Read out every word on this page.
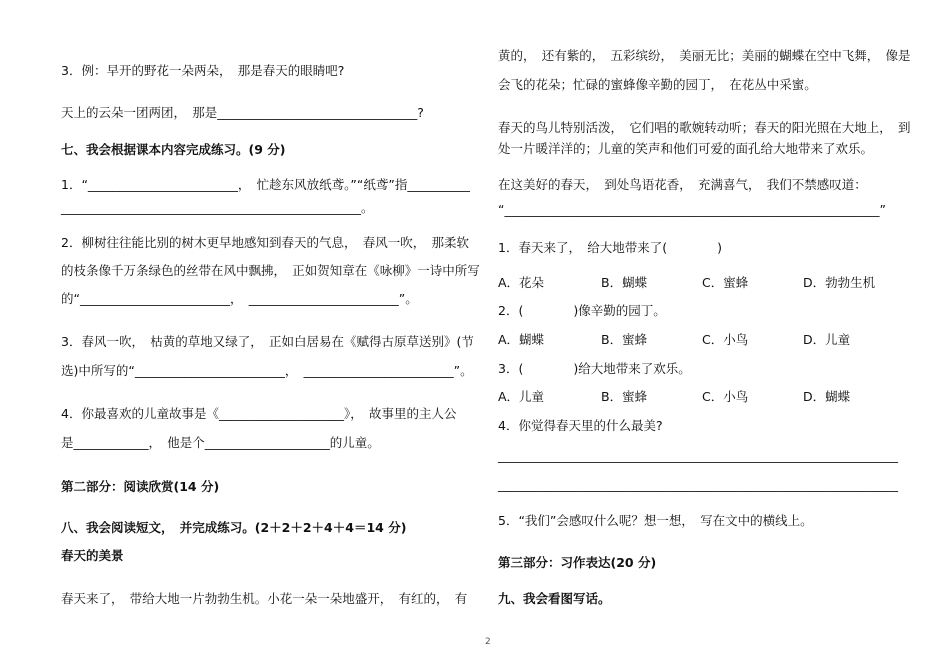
3．例：早开的野花一朵两朵，　那是春天的眼睛吧?
天上的云朵一团两团，　那是________________________________?
七、我会根据课本内容完成练习。(9 分)
1．“________________________，　忙趁东风放纸鸢。”“纸鸢”指__________
________________________________________________。
2．柳树往往能比别的树木更早地感知到春天的气息，　春风一吹，　那柔软
的枝条像千万条绿色的丝带在风中飘拂，　正如贺知章在《咏柳》一诗中所写
的“________________________，　________________________”。
3．春风一吹，　枯黄的草地又绿了，　正如白居易在《赋得古原草送别》(节
选)中所写的“________________________，　________________________”。
4．你最喜欢的儿童故事是《____________________》，　故事里的主人公
是____________，　他是个____________________的儿童。
第二部分：阅读欣赏(14 分)
八、我会阅读短文，　并完成练习。(2＋2＋2＋4＋4＝14 分)
春天的美景
春天来了，　带给大地一片勃勃生机。小花一朵一朵地盛开，　有红的，　有
黄的，　还有紫的，　五彩缤纷，　美丽无比；美丽的蝴蝶在空中飞舞，　像是
会飞的花朵；忙碌的蜜蜂像辛勤的园丁，　在花丛中采蜜。
春天的鸟儿特别活泼，　它们唱的歌婉转动听；春天的阳光照在大地上，　到
处一片暖洋洋的；儿童的笑声和他们可爱的面孔给大地带来了欢乐。
在这美好的春天，　到处鸟语花香，　充满喜气，　我们不禁感叹道：
“____________________________________________________________”
1．春天来了，　给大地带来了(　　　　)
A．花朵	B．蝴蝶	C．蜜蜂	D．勃勃生机
2．(　　　　)像辛勤的园丁。
A．蝴蝶	B．蜜蜂	C．小鸟	D．儿童
3．(　　　　)给大地带来了欢乐。
A．儿童	B．蜜蜂	C．小鸟	D．蝴蝶
4．你觉得春天里的什么最美?
________________________________________________________________
________________________________________________________________
5．“我们”会感叹什么呢？想一想，　写在文中的横线上。
第三部分：习作表达(20 分)
九、我会看图写话。
2
